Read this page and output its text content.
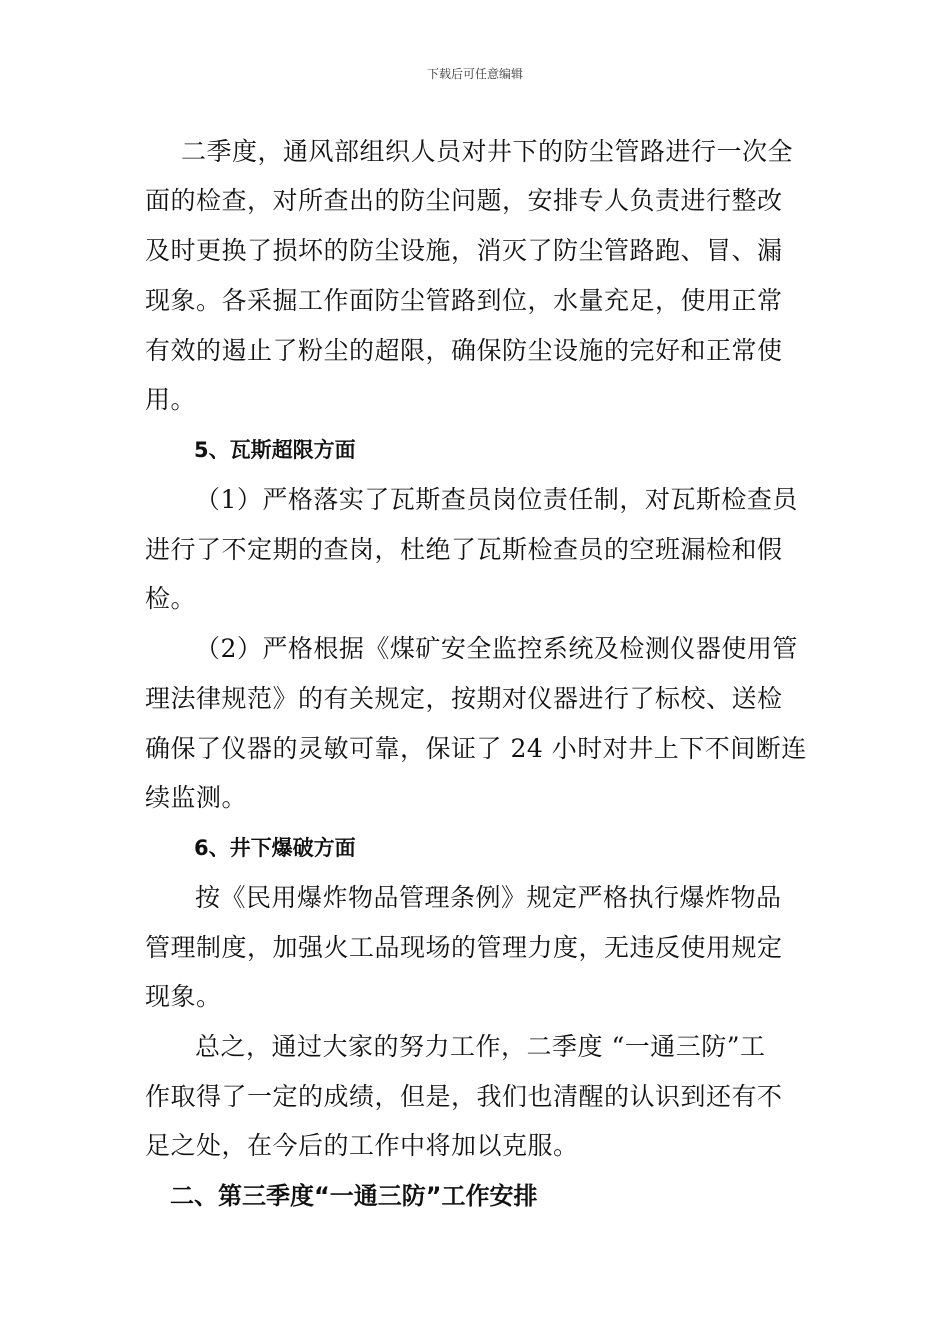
下载后可任意编辑
二季度，通风部组织人员对井下的防尘管路进行一次全
面的检查，对所查出的防尘问题，安排专人负责进行整改
及时更换了损坏的防尘设施，消灭了防尘管路跑、冒、漏
现象。各采掘工作面防尘管路到位，水量充足，使用正常
有效的遏止了粉尘的超限，确保防尘设施的完好和正常使
用。
5、瓦斯超限方面
（1）严格落实了瓦斯查员岗位责任制，对瓦斯检查员
进行了不定期的查岗，杜绝了瓦斯检查员的空班漏检和假
检。
（2）严格根据《煤矿安全监控系统及检测仪器使用管
理法律规范》的有关规定，按期对仪器进行了标校、送检
确保了仪器的灵敏可靠，保证了 24 小时对井上下不间断连
续监测。
6、井下爆破方面
按《民用爆炸物品管理条例》规定严格执行爆炸物品
管理制度，加强火工品现场的管理力度，无违反使用规定
现象。
总之，通过大家的努力工作，二季度 “一通三防”工
作取得了一定的成绩，但是，我们也清醒的认识到还有不
足之处，在今后的工作中将加以克服。
二、第三季度“一通三防”工作安排
